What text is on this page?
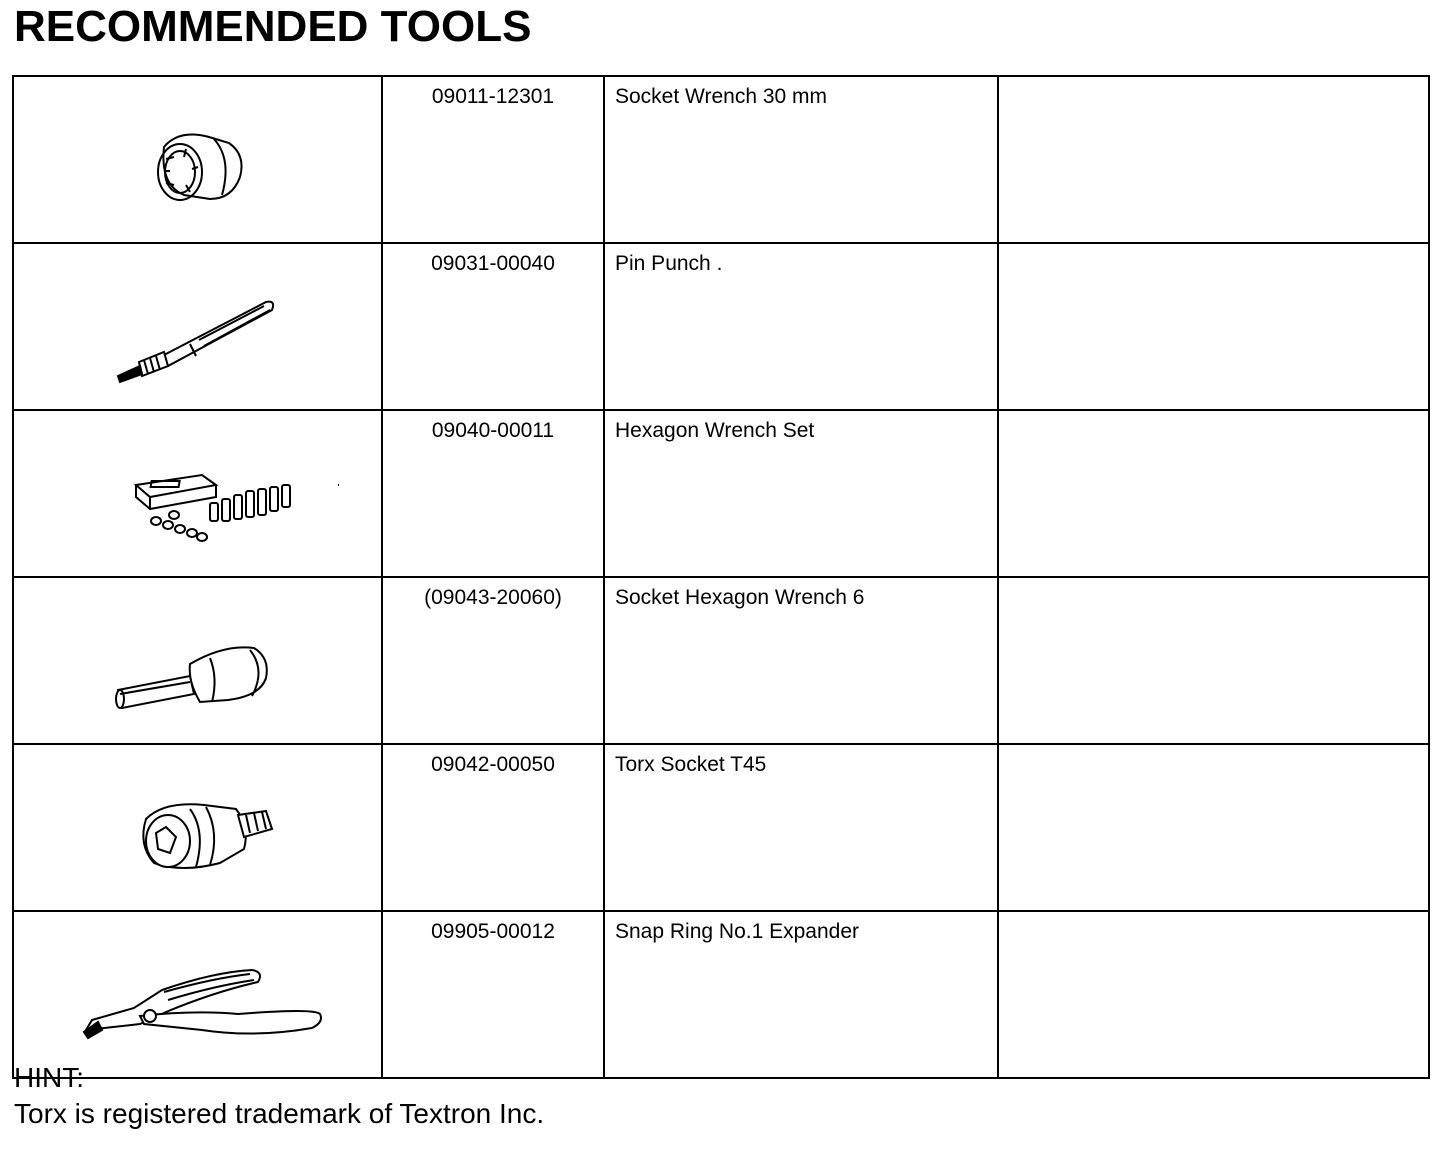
RECOMMENDED TOOLS
	09011-12301	Socket Wrench 30 mm	

	09031-00040	Pin Punch .	

	09040-00011	Hexagon Wrench Set	

	(09043-20060)	Socket Hexagon Wrench 6	

	09042-00050	Torx Socket T45	

	09905-00012	Snap Ring No.1 Expander	
HINT:
Torx is registered trademark of Textron Inc.
